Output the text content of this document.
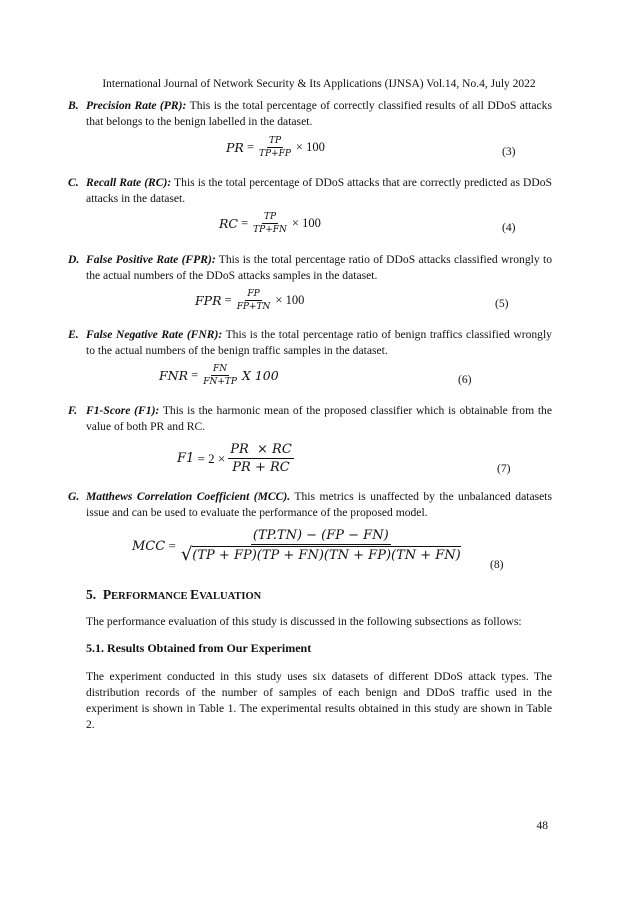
International Journal of Network Security & Its Applications (IJNSA) Vol.14, No.4, July 2022
B. Precision Rate (PR): This is the total percentage of correctly classified results of all DDoS attacks that belongs to the benign labelled in the dataset.
PR
= $\frac{TP}{TP+FP} \times 100$	(3)
C. Recall Rate (RC): This is the total percentage of DDoS attacks that are correctly predicted as DDoS attacks in the dataset.
RC
= $\frac{TP}{TP+FN} \times 100$	(4)
D. False Positive Rate (FPR): This is the total percentage ratio of DDoS attacks classified wrongly to the actual numbers of the DDoS attacks samples in the dataset.
FPR
= $\frac{FP}{FP+TN} \times 100$	(5)
E. False Negative Rate (FNR): This is the total percentage ratio of benign traffics classified wrongly to the actual numbers of the benign traffic samples in the dataset.
FNR
= $\frac{FN}{FN+TP}$ X 100	(6)
F. F1-Score (F1): This is the harmonic mean of the proposed classifier which is obtainable from the value of both PR and RC.
F1
=
$2 \times \frac{PR \times RC}{PR + RC}$	(7)
G. Matthews Correlation Coefficient (MCC). This metrics is unaffected by the unbalanced datasets issue and can be used to evaluate the performance of the proposed model.
MCC
= $\frac{(TP.TN) - (FP - FN)}{√ (TP + FP)(TP + FN)(TN + FP)(TN + FN)}$
(8)
5. PERFORMANCE EVALUATION
The performance evaluation of this study is discussed in the following subsections as follows:
5.1. Results Obtained from Our Experiment
The experiment conducted in this study uses six datasets of different DDoS attack types. The distribution records of the number of samples of each benign and DDoS traffic used in the experiment is shown in Table 1. The experimental results obtained in this study are shown in Table 2.
48
